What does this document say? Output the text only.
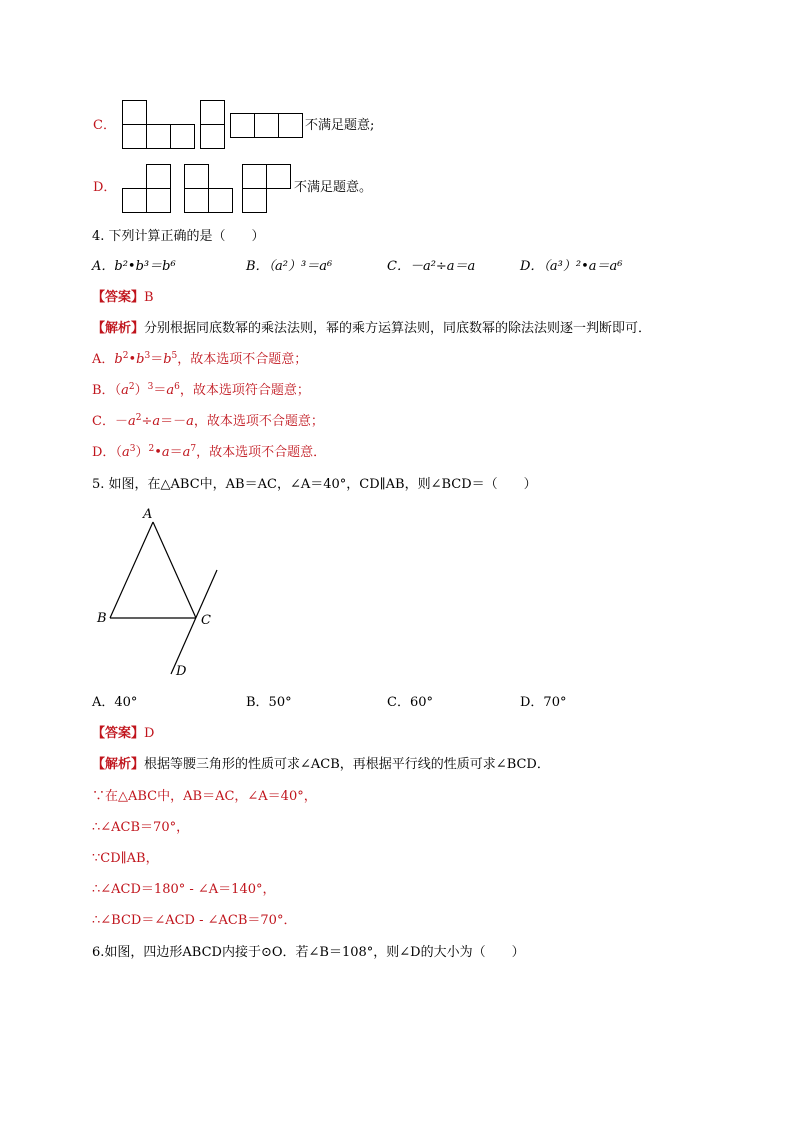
C．	不满足题意;
D．	不满足题意。
4. 下列计算正确的是（　　）
A．b²•b³＝b⁶	B．（a²）³＝a⁶	C．－a²÷a＝a	D．（a³）²•a＝a⁶
【答案】B
【解析】分别根据同底数幂的乘法法则，幂的乘方运算法则，同底数幂的除法法则逐一判断即可．
A．$b^2•b^3=b^5$，故本选项不合题意；
B．$(a^2)^3=a^6$，故本选项符合题意；
C．$-a^2\div a=-a$，故本选项不合题意；
D．$(a^3)^2•a=a^7$，故本选项不合题意．
5. 如图，在△ABC中，AB＝AC，∠A＝40°，CD∥AB，则∠BCD＝（　　）
A
B	C
D
A．40°	B．50°	C．60°	D．70°
【答案】D
【解析】根据等腰三角形的性质可求∠ACB，再根据平行线的性质可求∠BCD．
∵在△ABC中，AB＝AC，∠A＝40°，
∴∠ACB＝70°，
∵CD∥AB，
∴∠ACD＝180° - ∠A＝140°，
∴∠BCD＝∠ACD - ∠ACB＝70°．
6.如图，四边形ABCD内接于⊙O．若∠B＝108°，则∠D的大小为（　　）
